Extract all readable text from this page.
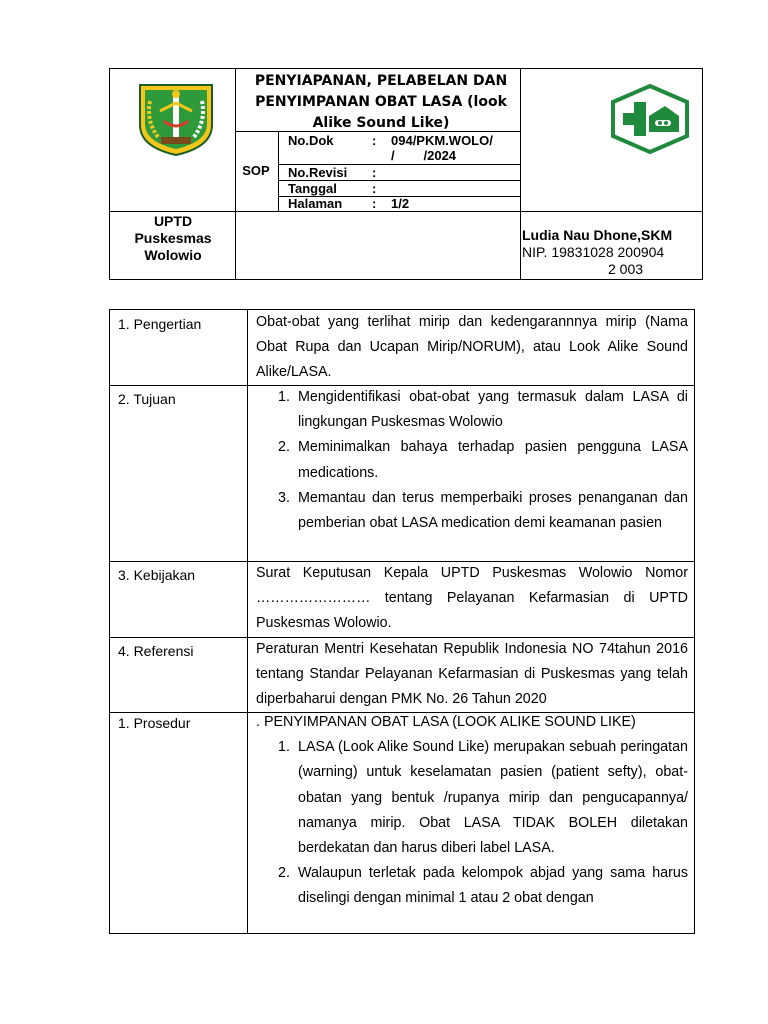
PENYIAPANAN, PELABELAN DAN PENYIMPANAN OBAT LASA (look Alike Sound Like)
SOP
No.Dok	: 094/PKM.WOLO/
/        /2024
No.Revisi :
Tanggal	:
Halaman : 1/2
UPTD
Puskesmas
Wolowio
Ludia Nau Dhone,SKM
NIP. 19831028 200904
2 003
1. Pengertian	Obat-obat yang terlihat mirip dan kedengarannnya mirip (Nama Obat Rupa dan Ucapan Mirip/NORUM), atau Look Alike Sound Alike/LASA.

2. Tujuan	1. Mengidentifikasi obat-obat yang termasuk dalam LASA di lingkungan Puskesmas Wolowio
2. Meminimalkan bahaya terhadap pasien pengguna LASA medications.
3. Memantau dan terus memperbaiki proses penanganan dan pemberian obat LASA medication demi keamanan pasien
3. Kebijakan	Surat Keputusan Kepala UPTD Puskesmas Wolowio Nomor …………………… tentang Pelayanan Kefarmasian di UPTD Puskesmas Wolowio.

4. Referensi	Peraturan Mentri Kesehatan Republik Indonesia NO 74tahun 2016 tentang Standar Pelayanan Kefarmasian di Puskesmas yang telah diperbaharui dengan PMK No. 26 Tahun 2020

1. Prosedur	. PENYIMPANAN OBAT LASA (LOOK ALIKE SOUND LIKE)
1. LASA (Look Alike Sound Like) merupakan sebuah peringatan (warning) untuk keselamatan pasien (patient sefty), obat-obatan yang bentuk /rupanya mirip dan pengucapannya/ namanya mirip. Obat LASA TIDAK BOLEH diletakan berdekatan dan harus diberi label LASA.
2. Walaupun terletak pada kelompok abjad yang sama harus diselingi dengan minimal 1 atau 2 obat dengan
